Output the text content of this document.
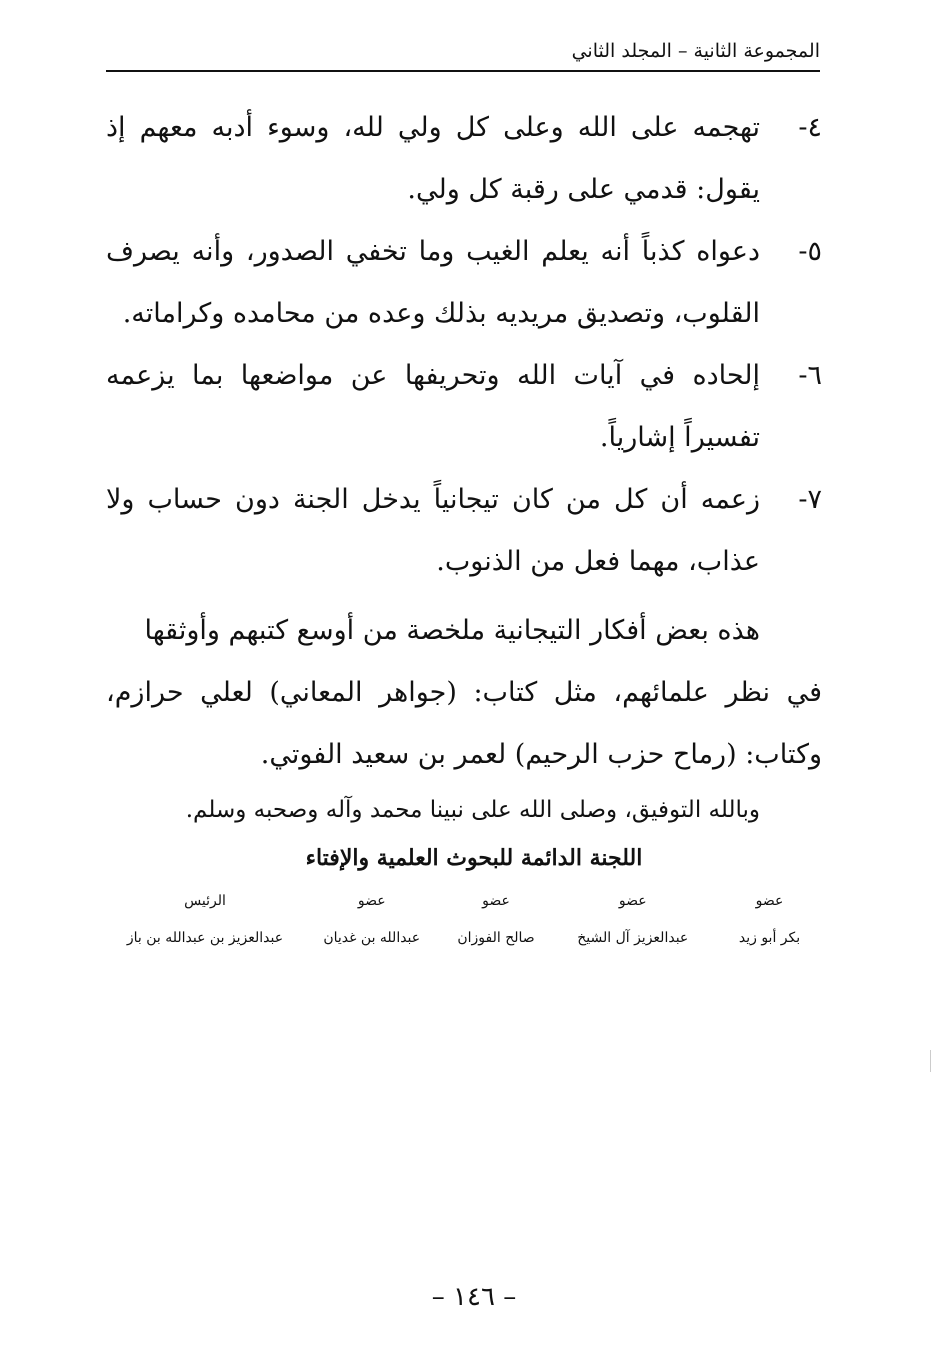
المجموعة الثانية – المجلد الثاني
٤-
تهجمه على الله وعلى كل ولي لله، وسوء أدبه معهم إذ يقول: قدمي على رقبة كل ولي.
٥-
دعواه كذباً أنه يعلم الغيب وما تخفي الصدور، وأنه يصرف القلوب، وتصديق مريديه بذلك وعده من محامده وكراماته.
٦-
إلحاده في آيات الله وتحريفها عن مواضعها بما يزعمه تفسيراً إشارياً.
٧-
زعمه أن كل من كان تيجانياً يدخل الجنة دون حساب ولا عذاب، مهما فعل من الذنوب.
هذه بعض أفكار التيجانية ملخصة من أوسع كتبهم وأوثقها
في نظر علمائهم، مثل كتاب: (جواهر المعاني) لعلي حرازم، وكتاب: (رماح حزب الرحيم) لعمر بن سعيد الفوتي.
وبالله التوفيق، وصلى الله على نبينا محمد وآله وصحبه وسلم.
اللجنة الدائمة للبحوث العلمية والإفتاء
عضو
عضو
عضو
عضو
الرئيس
بكر أبو زيد
عبدالعزيز آل الشيخ
صالح الفوزان
عبدالله بن غديان
عبدالعزيز بن عبدالله بن باز
– ١٤٦ –
